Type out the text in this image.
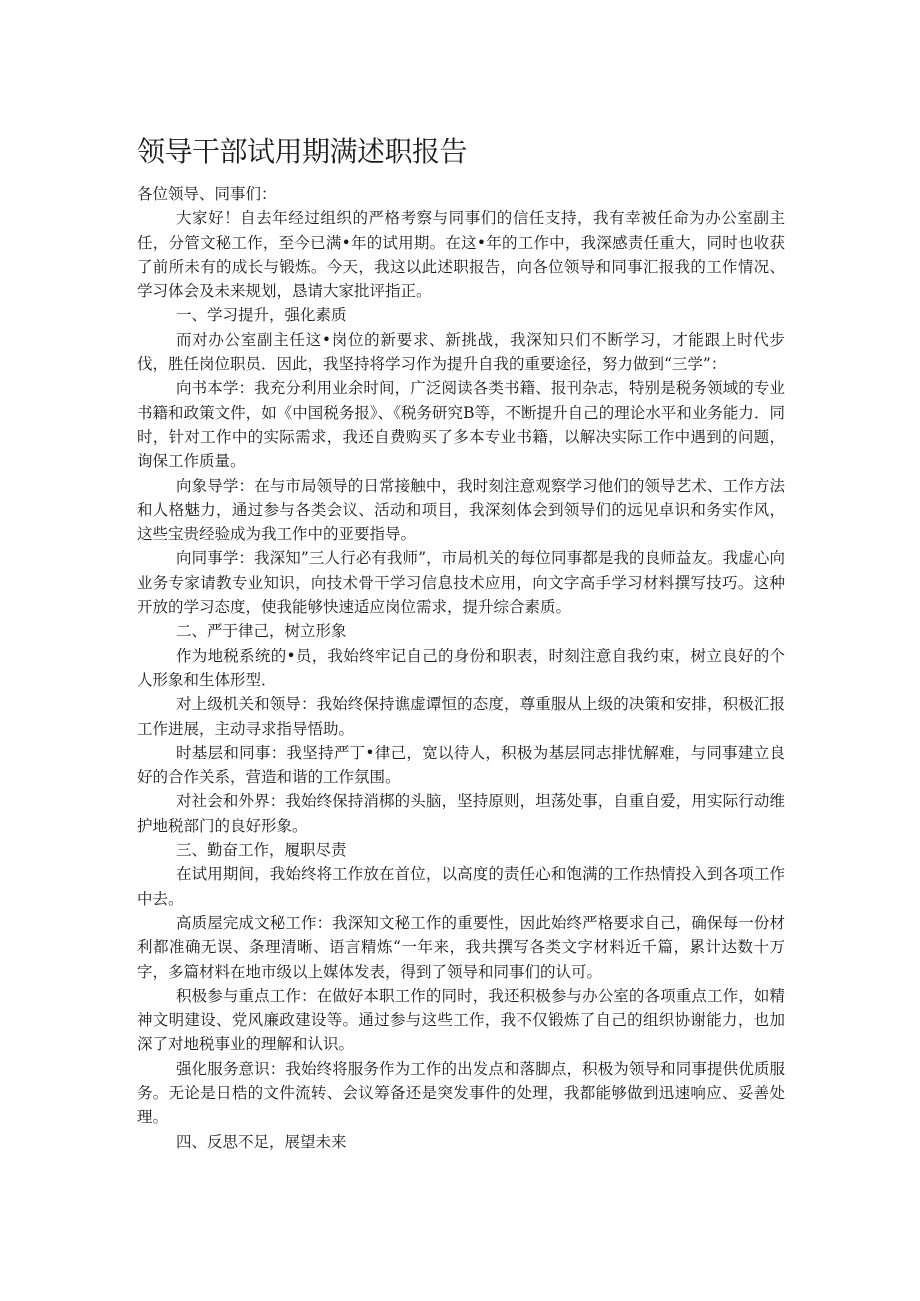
领导干部试用期满述职报告

各位领导、同事们：

大家好！自去年经过组织的严格考察与同事们的信任支持，我有幸被任命为办公室副主任，分管文秘工作，至今已满•年的试用期。在这•年的工作中，我深感责任重大，同时也收获了前所未有的成长与锻炼。今天，我这以此述职报告，向各位领导和同事汇报我的工作情况、学习体会及未来规划，恳请大家批评指正。

一、学习提升，强化素质

而对办公室副主任这•岗位的新要求、新挑战，我深知只们不断学习，才能跟上时代步伐，胜任岗位职员．因此，我坚持将学习作为提升自我的重要途径，努力做到“三学”：

向书本学：我充分利用业余时间，广泛阅读各类书籍、报刊杂志，特别是税务领域的专业书籍和政策文件，如《中国税务报》、《税务研究B等，不断提升自己的理论水平和业务能力．同时，针对工作中的实际需求，我还自费购买了多本专业书籍，以解决实际工作中遇到的问题，询保工作质量。

向象导学：在与市局领导的日常接触中，我时刻注意观察学习他们的领导艺术、工作方法和人格魅力，通过参与各类会议、活动和项目，我深刻体会到领导们的远见卓识和务实作风，这些宝贵经验成为我工作中的亚要指导。

向同事学：我深知”三人行必有我师”，市局机关的每位同事都是我的良师益友。我虚心向业务专家请教专业知识，向技术骨干学习信息技术应用，向文字高手学习材料撰写技巧。这种开放的学习态度，使我能够快速适应岗位需求，提升综合素质。

二、严于律己，树立形象

作为地税系统的•员，我始终牢记自己的身份和职表，时刻注意自我约束，树立良好的个人形象和生体形型．

对上级机关和领导：我始终保持谯虚谭恒的态度，尊重服从上级的决策和安排，积极汇报工作进展，主动寻求指导悟助。

时基层和同事：我坚持严丁•律己，宽以待人，积极为基层同志排忧解难，与同事建立良好的合作关系，营造和谐的工作氛围。

对社会和外界：我始终保持消梆的头脑，坚持原则，坦荡处事，自重自爱，用实际行动维护地税部门的良好形象。

三、勤奋工作，履职尽责

在试用期间，我始终将工作放在首位，以高度的责任心和饱满的工作热情投入到各项工作中去。

高质屋完成文秘工作：我深知文秘工作的重要性，因此始终严格要求自己，确保每一份材利都准确无误、条理清晰、语言精炼“一年来，我共撰写各类文字材料近千篇，累计达数十万字，多篇材料在地市级以上媒体发表，得到了领导和同事们的认可。

积极参与重点工作：在做好本职工作的同时，我还积极参与办公室的各项重点工作，如精神文明建设、党风廉政建设等。通过参与这些工作，我不仅锻炼了自己的组织协谢能力，也加深了对地税事业的理解和认识。

强化服务意识：我始终将服务作为工作的出发点和落脚点，积极为领导和同事提供优质服务。无论是日梏的文件流转、会议筹备还是突发事件的处理，我都能够做到迅速响应、妥善处理。

四、反思不足，展望未来
